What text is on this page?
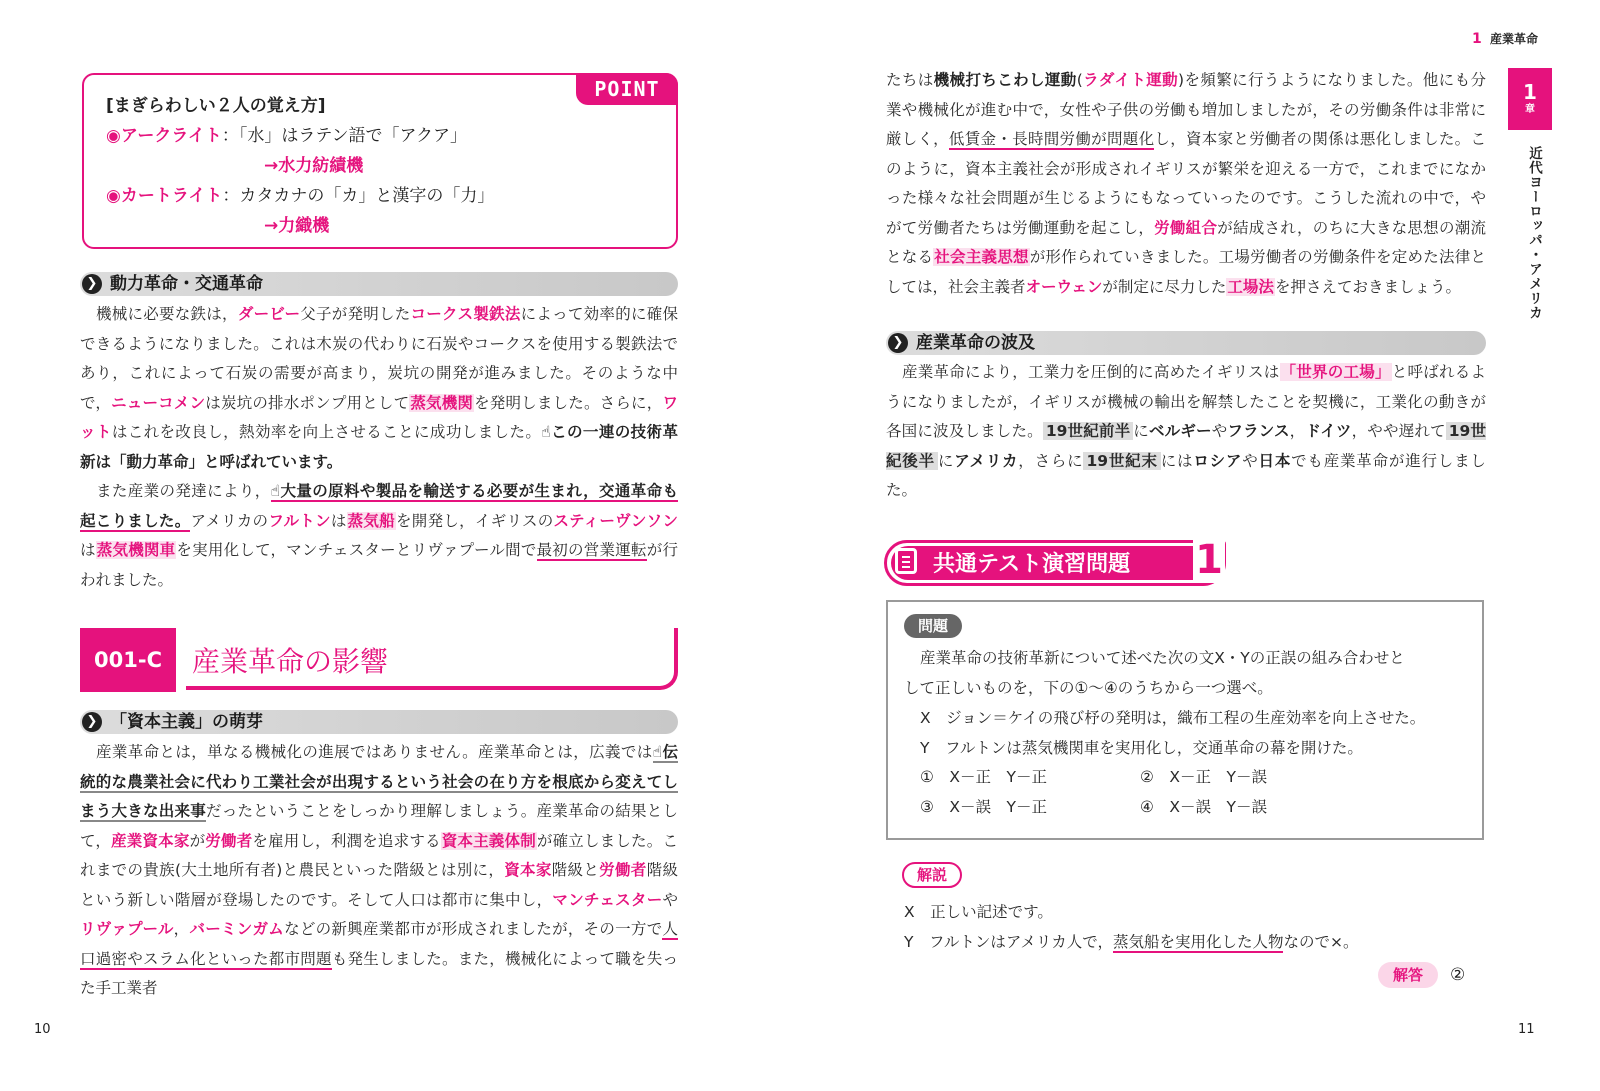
1 産業革命
1
章
近代ヨーロッパ・アメリカ
POINT
[まぎらわしい２人の覚え方]
◉アークライト：「水」はラテン語で「アクア」
→水力紡績機
◉カートライト：カタカナの「カ」と漢字の「力」
→力織機
❯ 動力革命・交通革命

機械に必要な鉄は，ダービー父子が発明したコークス製鉄法によって効率的に確保できるようになりました。これは木炭の代わりに石炭やコークスを使用する製鉄法であり，これによって石炭の需要が高まり，炭坑の開発が進みました。そのような中で，ニューコメンは炭坑の排水ポンプ用として蒸気機関を発明しました。さらに，ワットはこれを改良し，熱効率を向上させることに成功しました。☝この一連の技術革新は「動力革命」と呼ばれています。

また産業の発達により，☝大量の原料や製品を輸送する必要が生まれ，交通革命も起こりました。アメリカのフルトンは蒸気船を開発し，イギリスのスティーヴンソンは蒸気機関車を実用化して，マンチェスターとリヴァプール間で最初の営業運転が行われました。

001-C	産業革命の影響
❯ 「資本主義」の萌芽

産業革命とは，単なる機械化の進展ではありません。産業革命とは，広義では☝伝統的な農業社会に代わり工業社会が出現するという社会の在り方を根底から変えてしまう大きな出来事だったということをしっかり理解しましょう。産業革命の結果として，産業資本家が労働者を雇用し，利潤を追求する資本主義体制が確立しました。これまでの貴族(大土地所有者)と農民といった階級とは別に，資本家階級と労働者階級という新しい階層が登場したのです。そして人口は都市に集中し，マンチェスターやリヴァプール，バーミンガムなどの新興産業都市が形成されましたが，その一方で人口過密やスラム化といった都市問題も発生しました。また，機械化によって職を失った手工業者

たちは機械打ちこわし運動(ラダイト運動)を頻繁に行うようになりました。他にも分業や機械化が進む中で，女性や子供の労働も増加しましたが，その労働条件は非常に厳しく，低賃金・長時間労働が問題化し，資本家と労働者の関係は悪化しました。このように，資本主義社会が形成されイギリスが繁栄を迎える一方で，これまでになかった様々な社会問題が生じるようにもなっていったのです。こうした流れの中で，やがて労働者たちは労働運動を起こし，労働組合が結成され，のちに大きな思想の潮流となる社会主義思想が形作られていきました。工場労働者の労働条件を定めた法律としては，社会主義者オーウェンが制定に尽力した工場法を押さえておきましょう。

❯ 産業革命の波及

産業革命により，工業力を圧倒的に高めたイギリスは「世界の工場」と呼ばれるようになりましたが，イギリスが機械の輸出を解禁したことを契機に，工業化の動きが各国に波及しました。 19世紀前半 にベルギーやフランス，ドイツ，やや遅れて 19世紀後半 にアメリカ，さらに 19世紀末 にはロシアや日本でも産業革命が進行しました。

共通テスト演習問題 1
問題
産業革命の技術革新について述べた次の文X・Yの正誤の組み合わせと
して正しいものを，下の①～④のうちから一つ選べ。
X　ジョン＝ケイの飛び杼の発明は，織布工程の生産効率を向上させた。
Y　フルトンは蒸気機関車を実用化し，交通革命の幕を開けた。
①　X－正　Y－正	②　X－正　Y－誤
③　X－誤　Y－正	④　X－誤　Y－誤
解説
X　正しい記述です。
Y　フルトンはアメリカ人で，蒸気船を実用化した人物なので×。
解答	②
10	11
